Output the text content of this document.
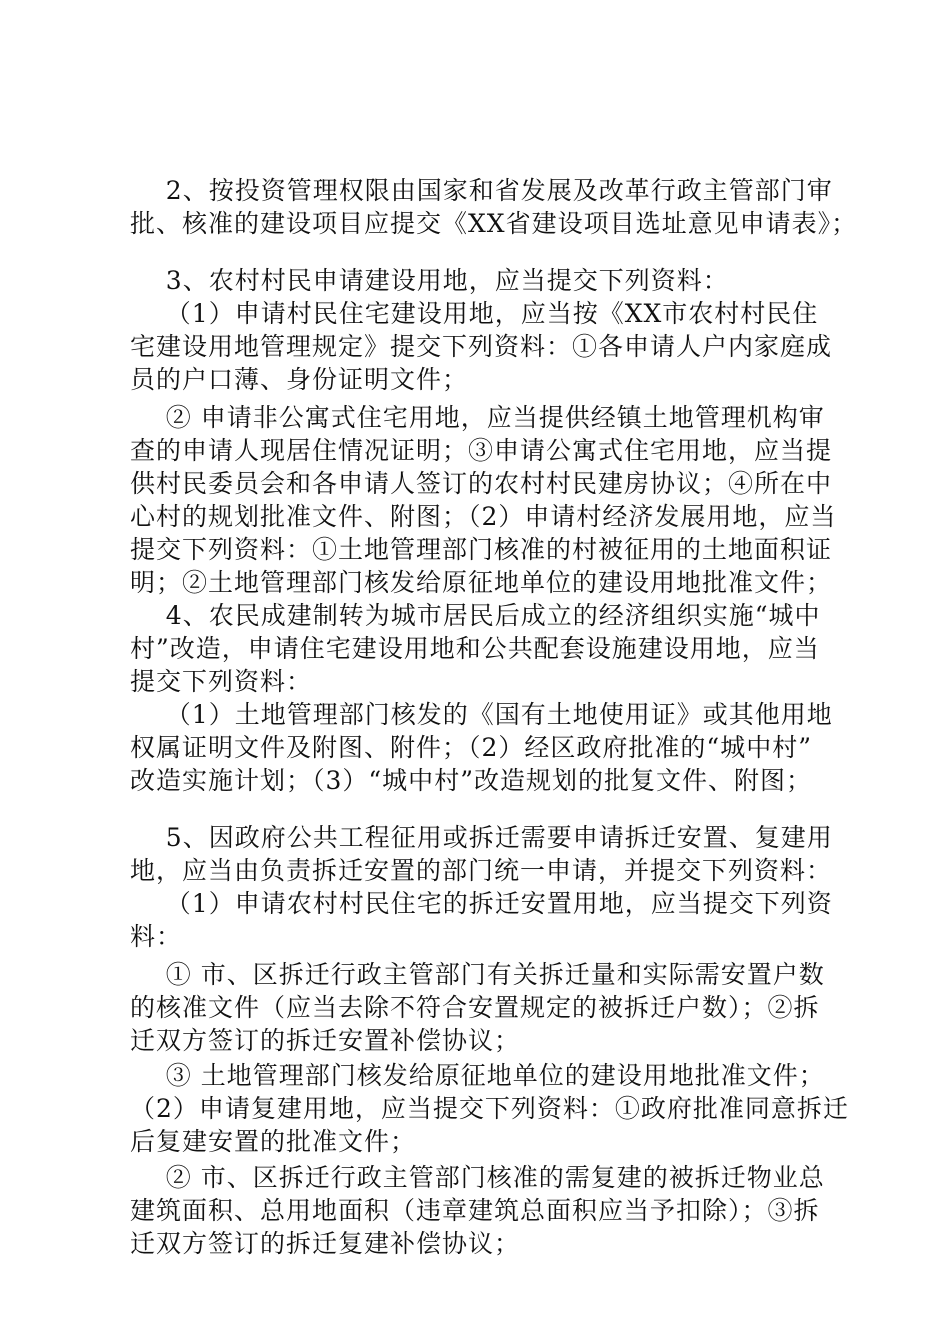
2、按投资管理权限由国家和省发展及改革行政主管部门审
批、核准的建设项目应提交《XX省建设项目选址意见申请表》；
3、农村村民申请建设用地，应当提交下列资料：
（1）申请村民住宅建设用地，应当按《XX市农村村民住
宅建设用地管理规定》提交下列资料：①各申请人户内家庭成
员的户口薄、身份证明文件；
② 申请非公寓式住宅用地，应当提供经镇土地管理机构审
查的申请人现居住情况证明；③申请公寓式住宅用地，应当提
供村民委员会和各申请人签订的农村村民建房协议；④所在中
心村的规划批准文件、附图；（2）申请村经济发展用地，应当
提交下列资料：①土地管理部门核准的村被征用的土地面积证
明；②土地管理部门核发给原征地单位的建设用地批准文件；
4、农民成建制转为城市居民后成立的经济组织实施“城中
村”改造，申请住宅建设用地和公共配套设施建设用地，应当
提交下列资料：
（1）土地管理部门核发的《国有土地使用证》或其他用地
权属证明文件及附图、附件；（2）经区政府批准的“城中村”
改造实施计划；（3）“城中村”改造规划的批复文件、附图；
5、因政府公共工程征用或拆迁需要申请拆迁安置、复建用
地，应当由负责拆迁安置的部门统一申请，并提交下列资料：
（1）申请农村村民住宅的拆迁安置用地，应当提交下列资
料：
① 市、区拆迁行政主管部门有关拆迁量和实际需安置户数
的核准文件（应当去除不符合安置规定的被拆迁户数）；②拆
迁双方签订的拆迁安置补偿协议；
③ 土地管理部门核发给原征地单位的建设用地批准文件；
（2）申请复建用地，应当提交下列资料：①政府批准同意拆迁
后复建安置的批准文件；
② 市、区拆迁行政主管部门核准的需复建的被拆迁物业总
建筑面积、总用地面积（违章建筑总面积应当予扣除）；③拆
迁双方签订的拆迁复建补偿协议；
